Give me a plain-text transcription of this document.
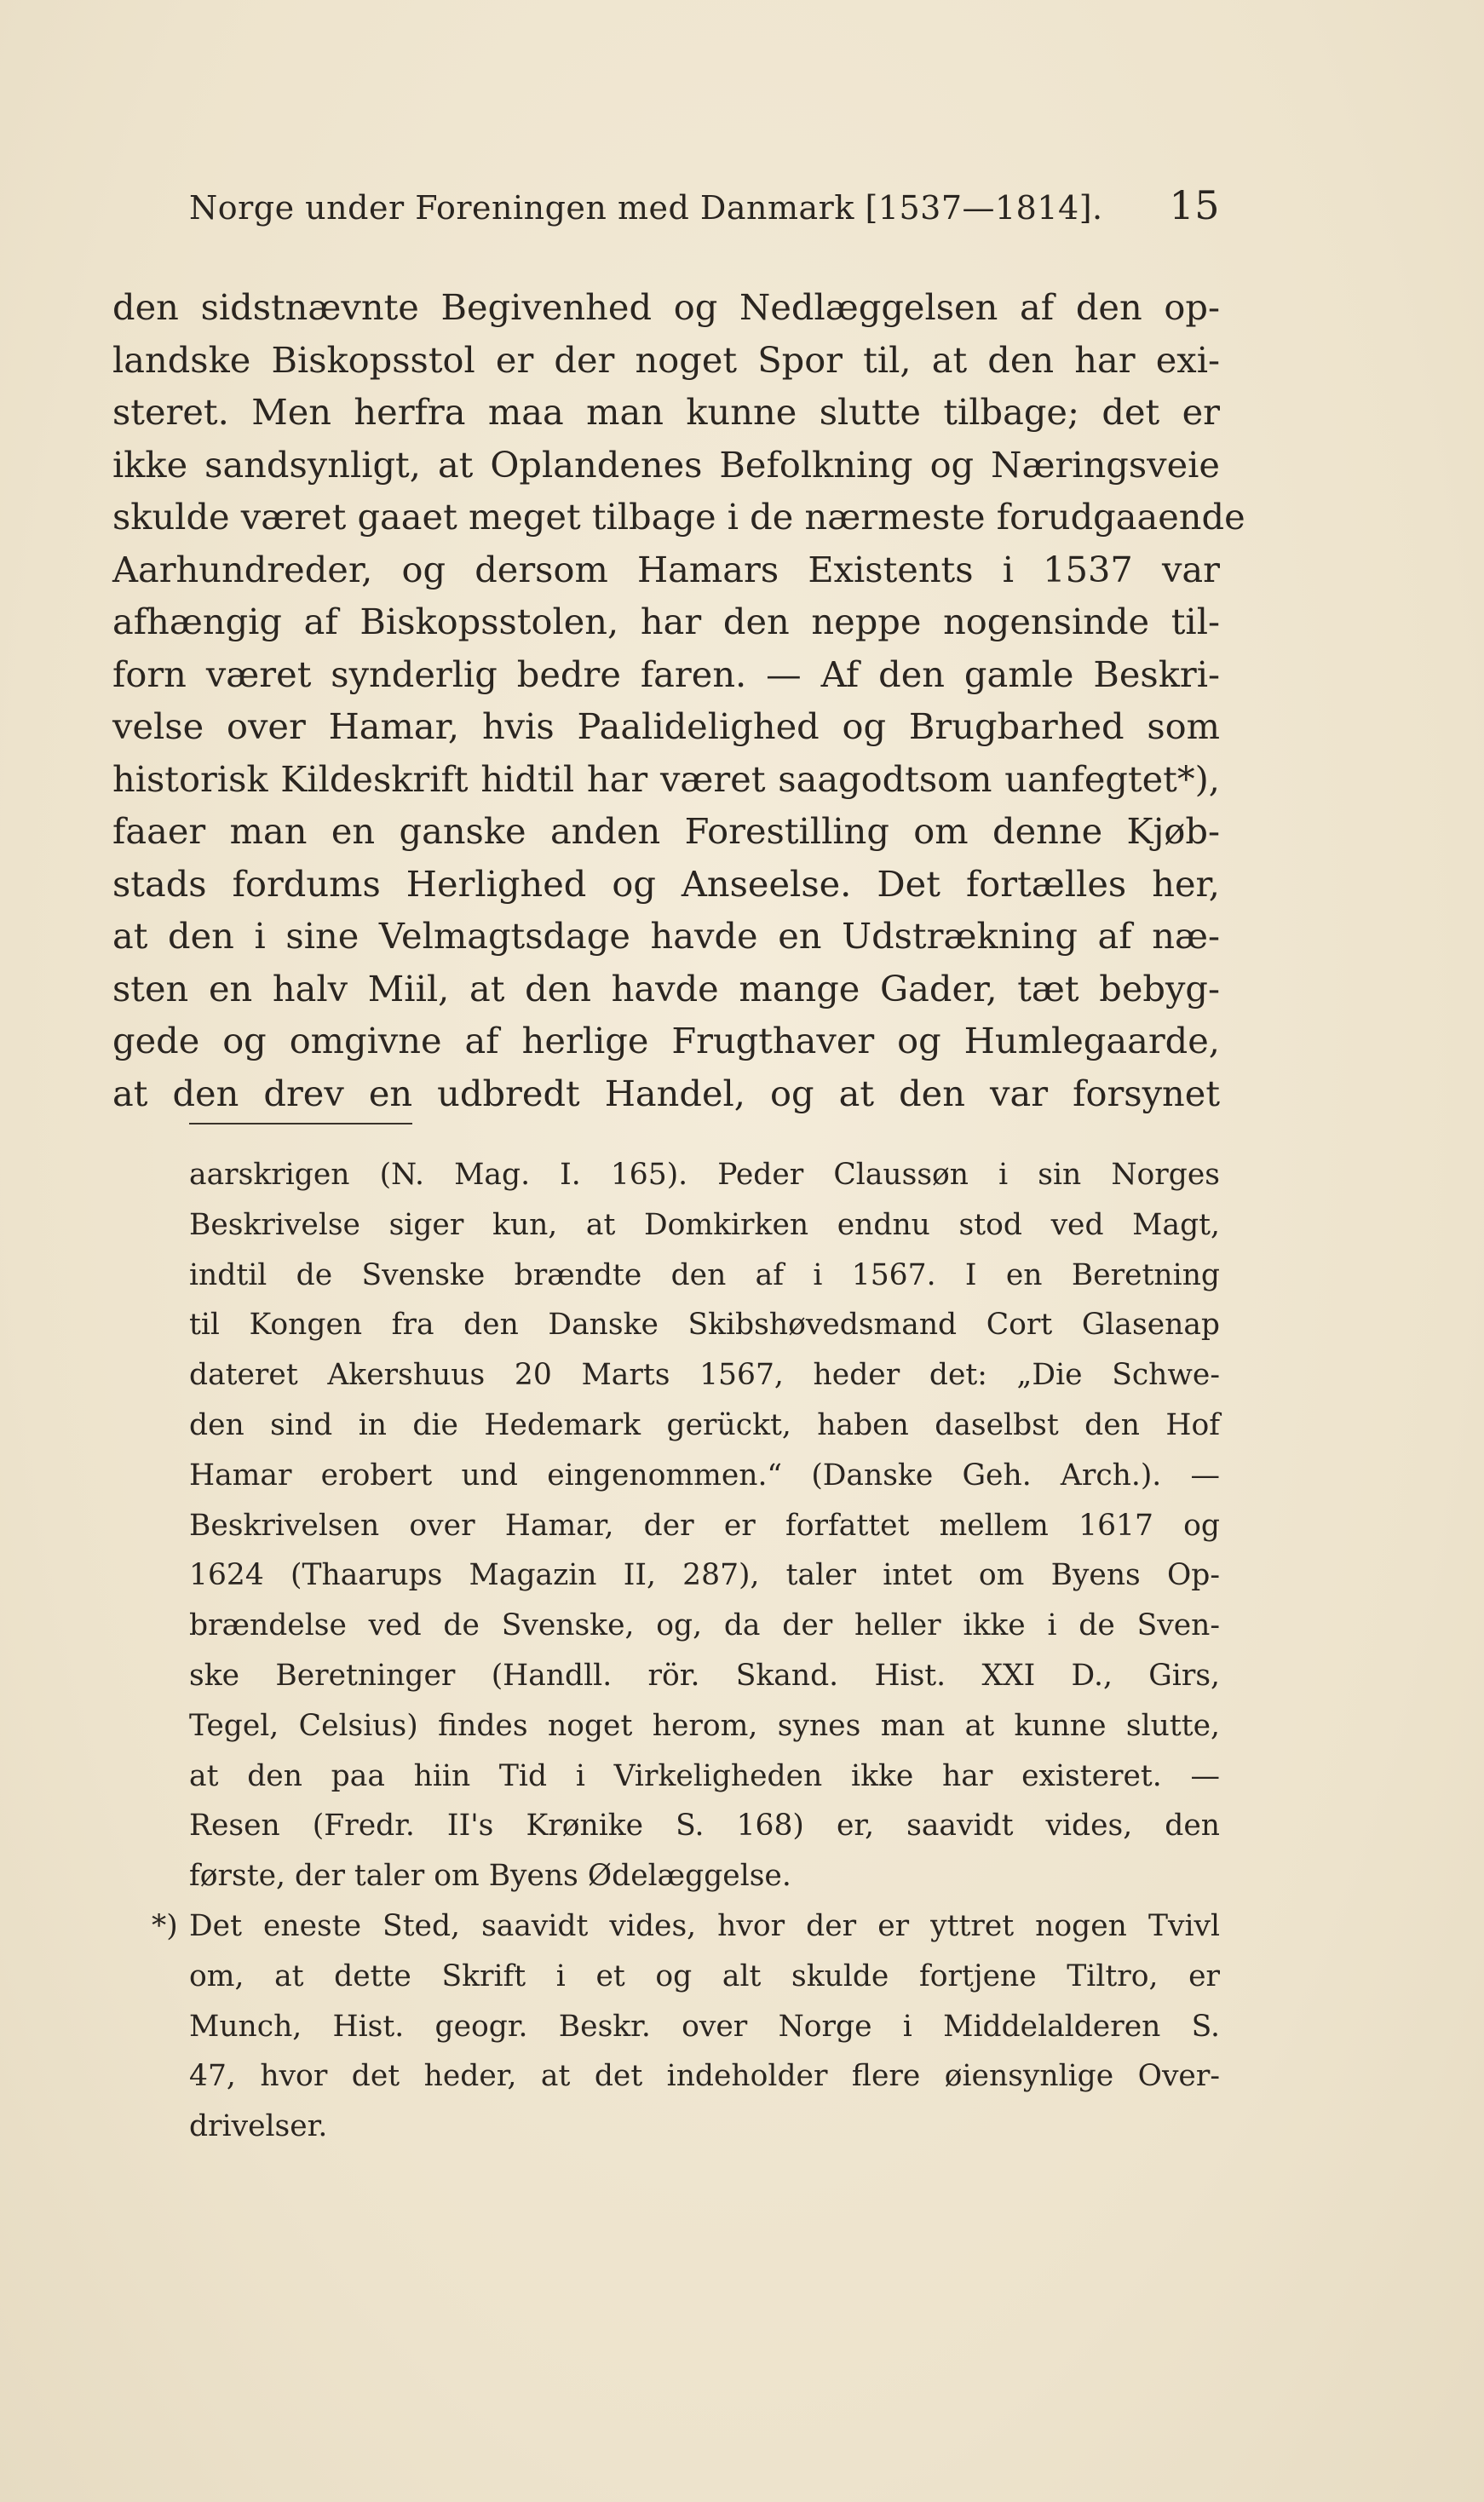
Norge under Foreningen med Danmark [1537—1814]. 15
den sidstnævnte Begivenhed og Nedlæggelsen af den op-
landske Biskopsstol er der noget Spor til, at den har exi-
steret. Men herfra maa man kunne slutte tilbage; det er
ikke sandsynligt, at Oplandenes Befolkning og Næringsveie
skulde været gaaet meget tilbage i de nærmeste forudgaaende
Aarhundreder, og dersom Hamars Existents i 1537 var
afhængig af Biskopsstolen, har den neppe nogensinde til-
forn været synderlig bedre faren. — Af den gamle Beskri-
velse over Hamar, hvis Paalidelighed og Brugbarhed som
historisk Kildeskrift hidtil har været saagodtsom uanfegtet*),
faaer man en ganske anden Forestilling om denne Kjøb-
stads fordums Herlighed og Anseelse. Det fortælles her,
at den i sine Velmagtsdage havde en Udstrækning af næ-
sten en halv Miil, at den havde mange Gader, tæt bebyg-
gede og omgivne af herlige Frugthaver og Humlegaarde,
at den drev en udbredt Handel, og at den var forsynet
aarskrigen (N. Mag. I. 165). Peder Claussøn i sin Norges
Beskrivelse siger kun, at Domkirken endnu stod ved Magt,
indtil de Svenske brændte den af i 1567. I en Beretning
til Kongen fra den Danske Skibshøvedsmand Cort Glasenap
dateret Akershuus 20 Marts 1567, heder det: „Die Schwe-
den sind in die Hedemark gerückt, haben daselbst den Hof
Hamar erobert und eingenommen.“ (Danske Geh. Arch.). —
Beskrivelsen over Hamar, der er forfattet mellem 1617 og
1624 (Thaarups Magazin II, 287), taler intet om Byens Op-
brændelse ved de Svenske, og, da der heller ikke i de Sven-
ske Beretninger (Handll. rör. Skand. Hist. XXI D., Girs,
Tegel, Celsius) findes noget herom, synes man at kunne slutte,
at den paa hiin Tid i Virkeligheden ikke har existeret. —
Resen (Fredr. II's Krønike S. 168) er, saavidt vides, den
første, der taler om Byens Ødelæggelse.
*) Det eneste Sted, saavidt vides, hvor der er yttret nogen Tvivl
om, at dette Skrift i et og alt skulde fortjene Tiltro, er
Munch, Hist. geogr. Beskr. over Norge i Middelalderen S.
47, hvor det heder, at det indeholder flere øiensynlige Over-
drivelser.
